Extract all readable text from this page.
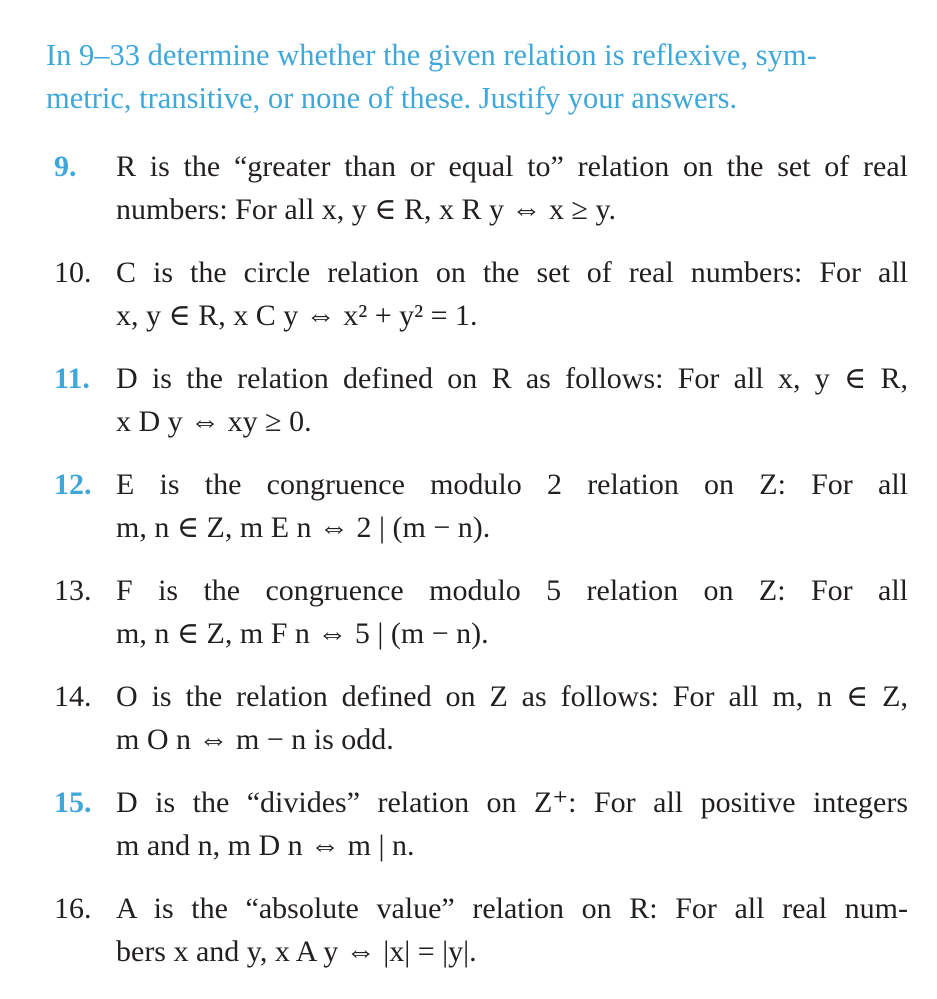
In 9–33 determine whether the given relation is reflexive, sym-
metric, transitive, or none of these. Justify your answers.
9.	R is the “greater than or equal to” relation on the set of real
numbers: For all x, y ∈ R, x R y ⇔ x ≥ y.
10. C is the circle relation on the set of real numbers: For all
x, y ∈ R, x C y ⇔ x² + y² = 1.
11. D is the relation defined on R as follows: For all x, y ∈ R,
x D y ⇔ xy ≥ 0.
12. E is the congruence modulo 2 relation on Z: For all
m, n ∈ Z, m E n ⇔ 2 | (m − n).
13. F is the congruence modulo 5 relation on Z: For all
m, n ∈ Z, m F n ⇔ 5 | (m − n).
14. O is the relation defined on Z as follows: For all m, n ∈ Z,
m O n ⇔ m − n is odd.
15. D is the “divides” relation on Z⁺: For all positive integers
m and n, m D n ⇔ m | n.
16. A is the “absolute value” relation on R: For all real num-
bers x and y, x A y ⇔ |x| = |y|.
